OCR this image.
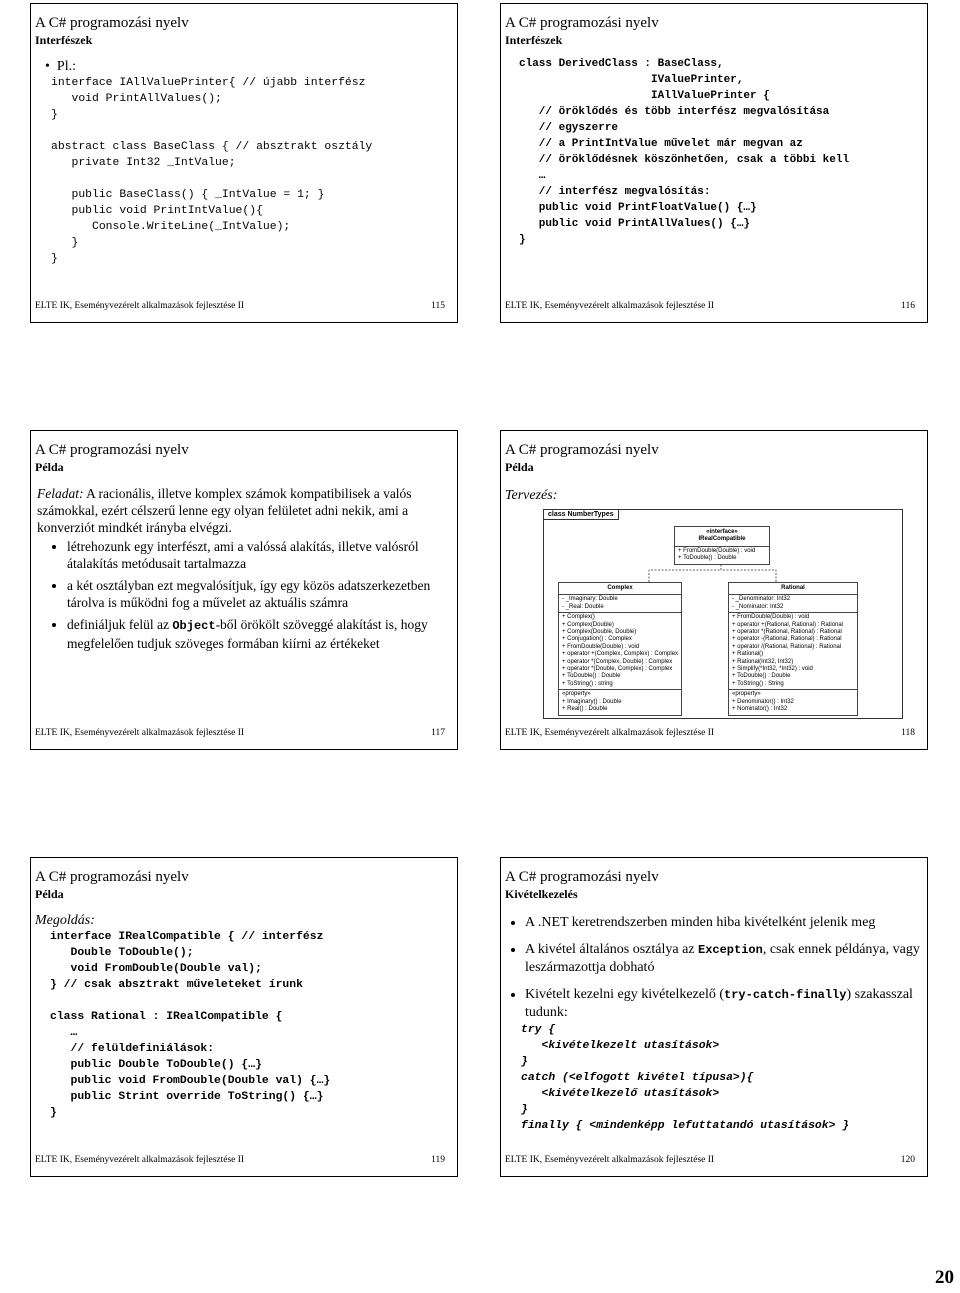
A C# programozási nyelv
Interfészek
•  Pl.:
interface IAllValuePrinter{ // újabb interfész
void PrintAllValues();
}

abstract class BaseClass { // absztrakt osztály
private Int32 _IntValue;

public BaseClass() { _IntValue = 1; }
public void PrintIntValue(){
Console.WriteLine(_IntValue);
}
}
ELTE IK, Eseményvezérelt alkalmazások fejlesztése II	115
A C# programozási nyelv
Interfészek
class DerivedClass : BaseClass,
IValuePrinter,
IAllValuePrinter {
// öröklődés és több interfész megvalósítása
// egyszerre
// a PrintIntValue művelet már megvan az
// öröklődésnek köszönhetően, csak a többi kell
…
// interfész megvalósítás:
public void PrintFloatValue() {…}
public void PrintAllValues() {…}
}
ELTE IK, Eseményvezérelt alkalmazások fejlesztése II	116
A C# programozási nyelv
Példa
Feladat: A racionális, illetve komplex számok kompatibilisek a valós számokkal, ezért célszerű lenne egy olyan felületet adni nekik, ami a konverziót mindkét irányba elvégzi.
• létrehozunk egy interfészt, ami a valóssá alakítás, illetve valósról átalakítás metódusait tartalmazza
• a két osztályban ezt megvalósítjuk, így egy közös adatszerkezetben tárolva is működni fog a művelet az aktuális számra
• definiáljuk felül az Object-ből örökölt szöveggé alakítást is, hogy megfelelően tudjuk szöveges formában kiírni az értékeket
ELTE IK, Eseményvezérelt alkalmazások fejlesztése II	117
A C# programozási nyelv
Példa
Tervezés:
class NumberTypes
«interface»
IRealCompatible
+ FromDouble(Double) : void
+ ToDouble() : Double
Complex
- _Imaginary: Double
- _Real: Double
+ Complex()
+ Complex(Double)
+ Complex(Double, Double)
+ Conjugation() : Complex
+ FromDouble(Double) : void
+ operator +(Complex, Complex) : Complex
+ operator *(Complex, Double) : Complex
+ operator *(Double, Complex) : Complex
+ ToDouble() : Double
+ ToString() : string
«property»
+ Imaginary() : Double
+ Real() : Double
Rational
- _Denominator: Int32
- _Nominator: Int32
+ FromDouble(Double) : void
+ operator +(Rational, Rational) : Rational
+ operator *(Rational, Rational) : Rational
+ operator -(Rational, Rational) : Rational
+ operator /(Rational, Rational) : Rational
+ Rational()
+ Rational(Int32, Int32)
+ Simplify(*Int32, *Int32) : void
+ ToDouble() : Double
+ ToString() : String
«property»
+ Denominator() : Int32
+ Nominator() : Int32
ELTE IK, Eseményvezérelt alkalmazások fejlesztése II	118
A C# programozási nyelv
Példa
Megoldás:
interface IRealCompatible { // interfész
Double ToDouble();
void FromDouble(Double val);
} // csak absztrakt műveleteket írunk

class Rational : IRealCompatible {
…
// felüldefiniálások:
public Double ToDouble() {…}
public void FromDouble(Double val) {…}
public Strint override ToString() {…}
}
ELTE IK, Eseményvezérelt alkalmazások fejlesztése II	119
A C# programozási nyelv
Kivételkezelés
• A .NET keretrendszerben minden hiba kivételként jelenik meg
• A kivétel általános osztálya az Exception, csak ennek példánya, vagy leszármazottja dobható
• Kivételt kezelni egy kivételkezelő (try-catch-finally) szakasszal tudunk:
try {
<kivételkezelt utasítások>
}
catch (<elfogott kivétel típusa>){
<kivételkezelő utasítások>
}
finally { <mindenképp lefuttatandó utasítások> }
ELTE IK, Eseményvezérelt alkalmazások fejlesztése II	120
20
